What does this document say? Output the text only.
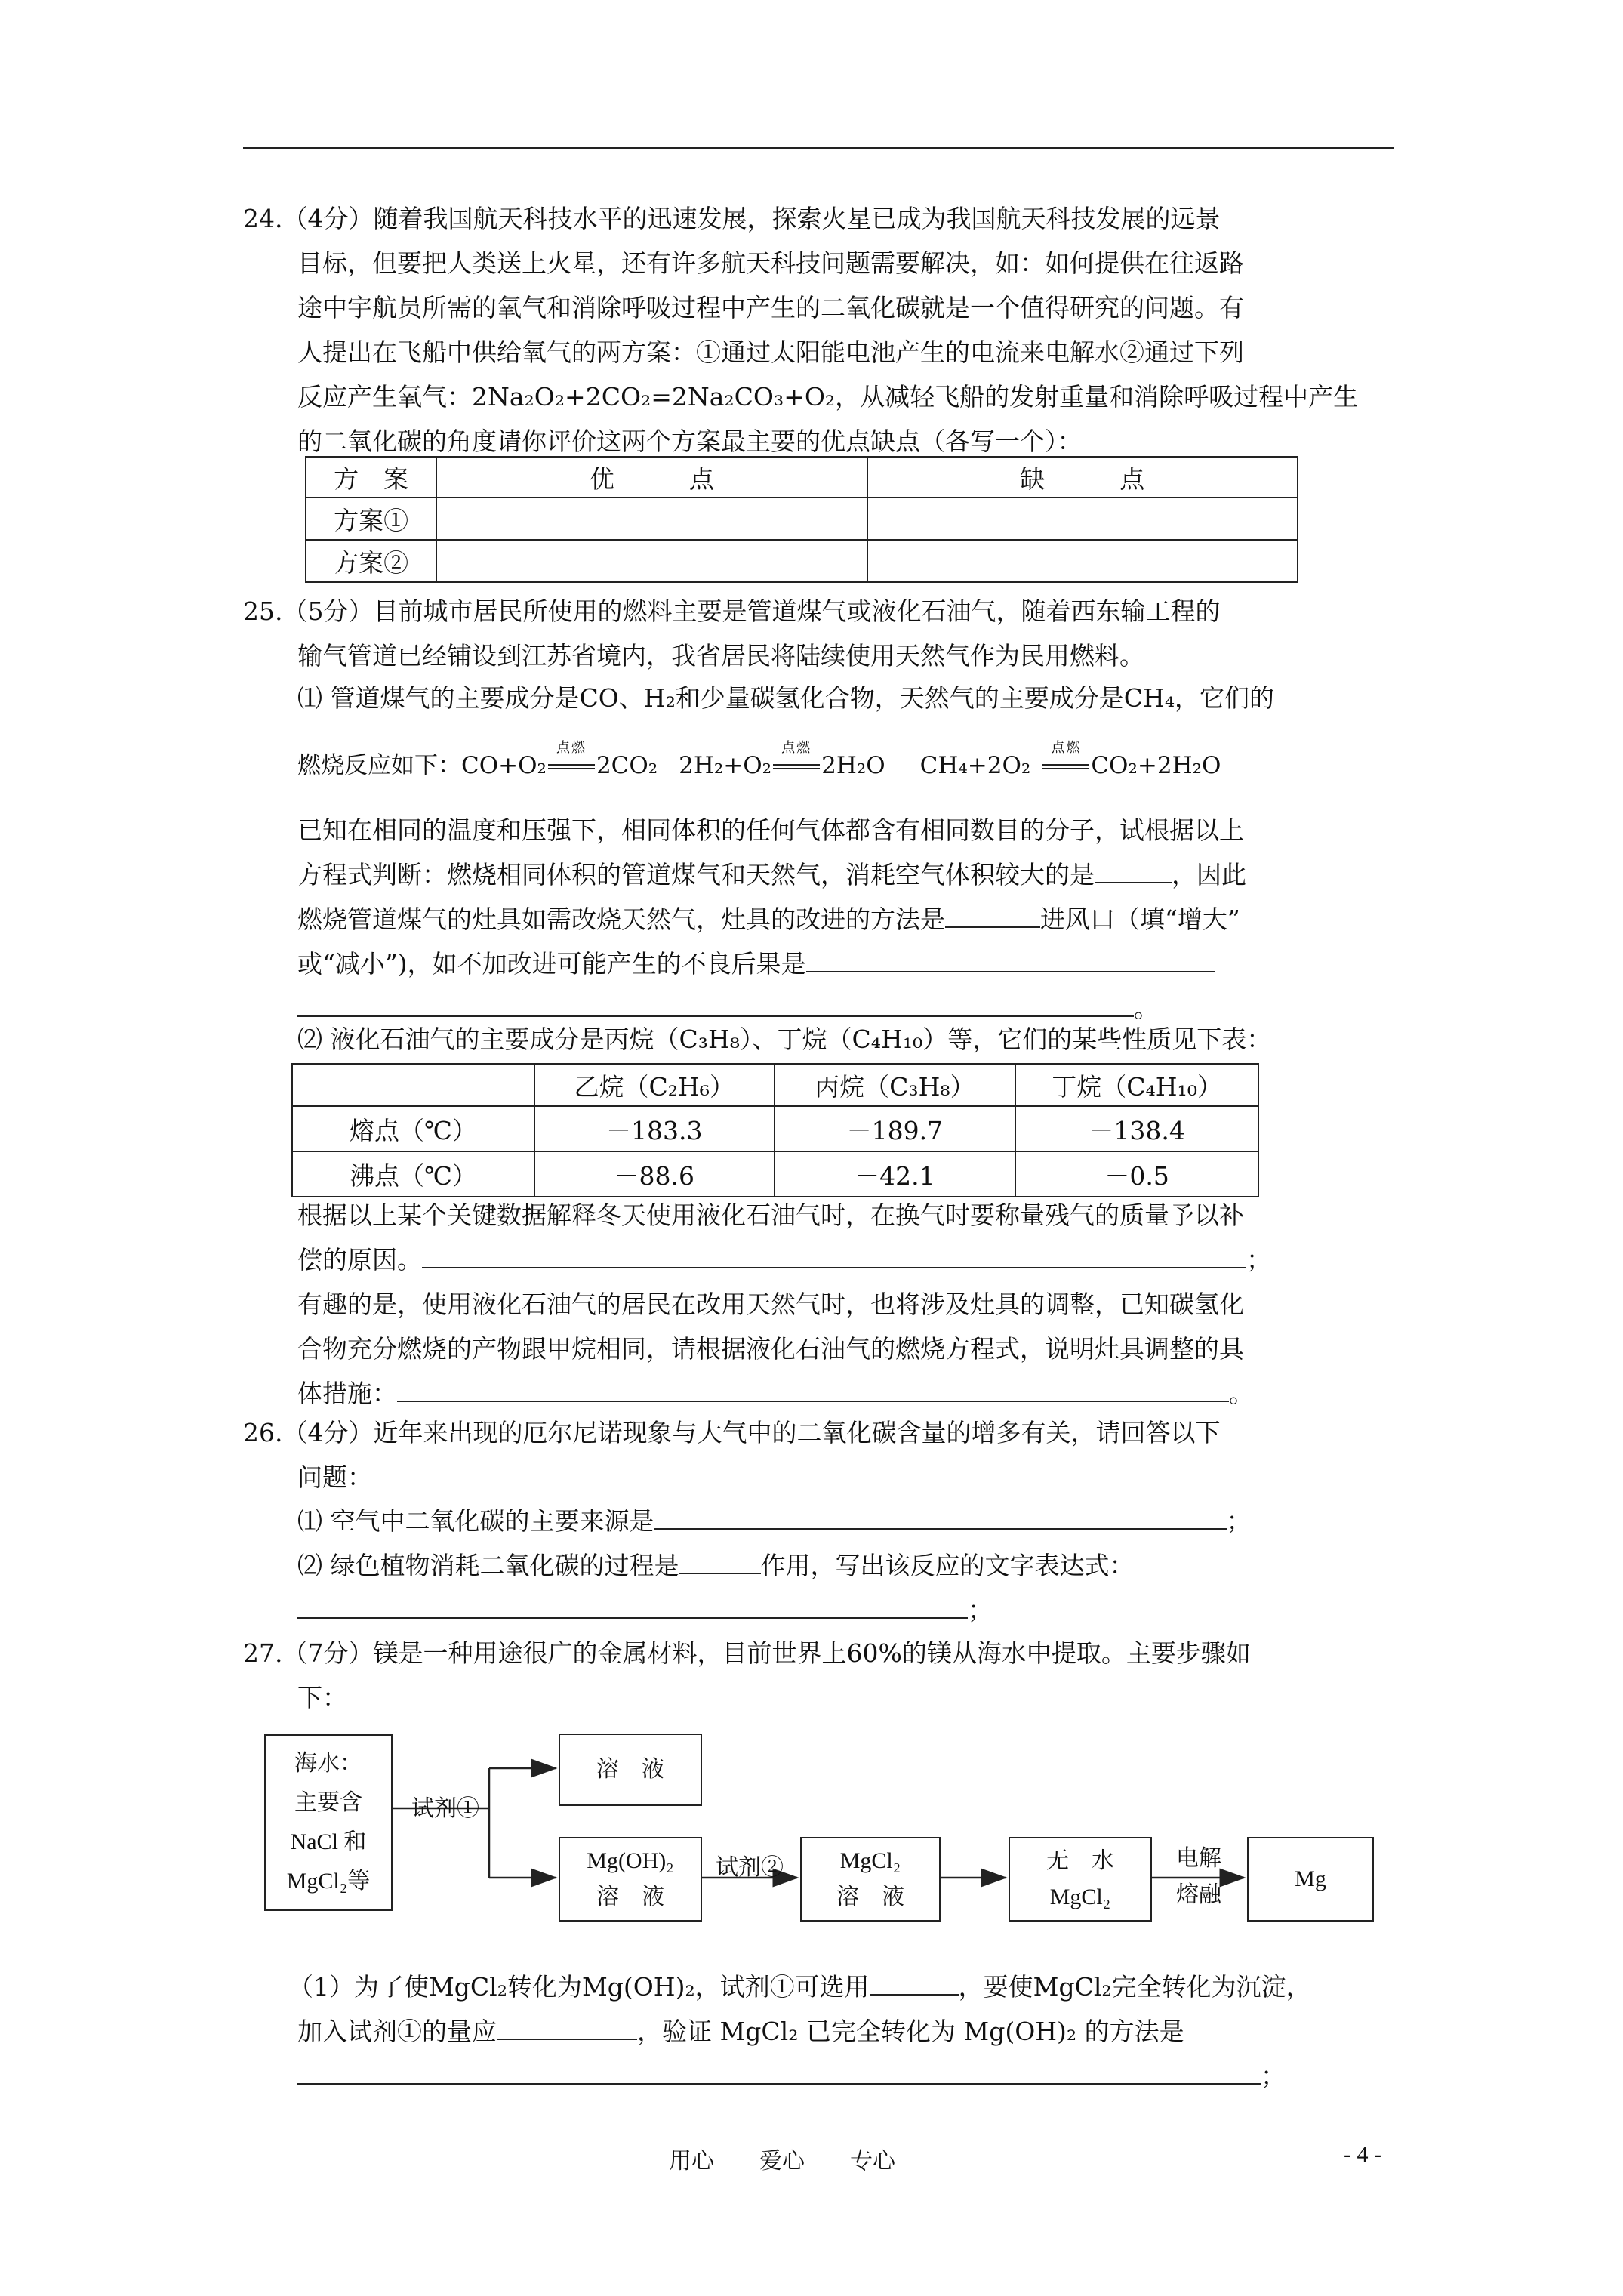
24.（4分）随着我国航天科技水平的迅速发展，探索火星已成为我国航天科技发展的远景
目标，但要把人类送上火星，还有许多航天科技问题需要解决，如：如何提供在往返路
途中宇航员所需的氧气和消除呼吸过程中产生的二氧化碳就是一个值得研究的问题。有
人提出在飞船中供给氧气的两方案：①通过太阳能电池产生的电流来电解水②通过下列
反应产生氧气：2Na₂O₂+2CO₂=2Na₂CO₃+O₂，从减轻飞船的发射重量和消除呼吸过程中产生
的二氧化碳的角度请你评价这两个方案最主要的优点缺点（各写一个）：
方　案	优　　　点	缺　　　点
方案①		
方案②		
25.（5分）目前城市居民所使用的燃料主要是管道煤气或液化石油气，随着西东输工程的
输气管道已经铺设到江苏省境内，我省居民将陆续使用天然气作为民用燃料。
⑴ 管道煤气的主要成分是CO、H₂和少量碳氢化合物，天然气的主要成分是CH₄，它们的
燃烧反应如下：CO+O₂
点燃
2CO₂ 2H₂+O₂
点燃
2H₂O CH₄+2O₂
点燃
CO₂+2H₂O
已知在相同的温度和压强下，相同体积的任何气体都含有相同数目的分子，试根据以上
方程式判断：燃烧相同体积的管道煤气和天然气，消耗空气体积较大的是	，因此
燃烧管道煤气的灶具如需改烧天然气，灶具的改进的方法是	进风口（填“增大”
或“减小”)，如不加改进可能产生的不良后果是
。
⑵ 液化石油气的主要成分是丙烷（C₃H₈）、丁烷（C₄H₁₀）等，它们的某些性质见下表：
	乙烷（C₂H₆）	丙烷（C₃H₈）	丁烷（C₄H₁₀）
熔点（℃）	－183.3	－189.7	－138.4
沸点（℃）	－88.6	－42.1	－0.5
根据以上某个关键数据解释冬天使用液化石油气时，在换气时要称量残气的质量予以补
偿的原因。	；
有趣的是，使用液化石油气的居民在改用天然气时，也将涉及灶具的调整，已知碳氢化
合物充分燃烧的产物跟甲烷相同，请根据液化石油气的燃烧方程式，说明灶具调整的具
体措施：	。
26.（4分）近年来出现的厄尔尼诺现象与大气中的二氧化碳含量的增多有关，请回答以下
问题：
⑴ 空气中二氧化碳的主要来源是	；
⑵ 绿色植物消耗二氧化碳的过程是	作用，写出该反应的文字表达式：
；
27.（7分）镁是一种用途很广的金属材料，目前世界上60%的镁从海水中提取。主要步骤如
下：
海水：
主要含
NaCl 和
MgCl₂等
试剂①
溶　液
Mg(OH)₂
溶　液
试剂②	MgCl₂
溶　液
无　水
MgCl₂
电解
熔融
Mg
（1）为了使MgCl₂转化为Mg(OH)₂，试剂①可选用	，要使MgCl₂完全转化为沉淀，
加入试剂①的量应	，验证 MgCl₂ 已完全转化为 Mg(OH)₂ 的方法是
；
用心　　爱心　　专心	- 4 -
